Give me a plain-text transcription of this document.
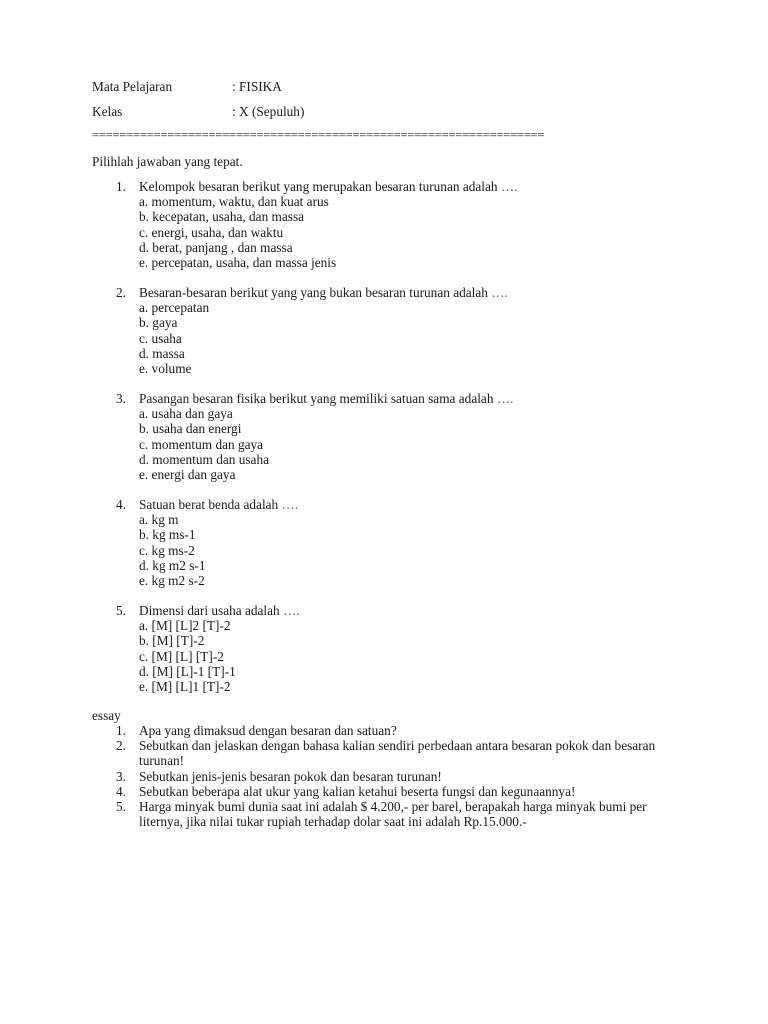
Mata Pelajaran	: FISIKA
Kelas	: X (Sepuluh)
==================================================================
Pilihlah jawaban yang tepat.
1. Kelompok besaran berikut yang merupakan besaran turunan adalah ….
a. momentum, waktu, dan kuat arus
b. kecepatan, usaha, dan massa
c. energi, usaha, dan waktu
d. berat, panjang , dan massa
e. percepatan, usaha, dan massa jenis
2. Besaran-besaran berikut yang yang bukan besaran turunan adalah ….
a. percepatan
b. gaya
c. usaha
d. massa
e. volume
3. Pasangan besaran fisika berikut yang memiliki satuan sama adalah ….
a. usaha dan gaya
b. usaha dan energi
c. momentum dan gaya
d. momentum dan usaha
e. energi dan gaya
4. Satuan berat benda adalah ….
a. kg m
b. kg ms-1
c. kg ms-2
d. kg m2 s-1
e. kg m2 s-2
5. Dimensi dari usaha adalah ….
a. [M] [L]2 [T]-2
b. [M] [T]-2
c. [M] [L] [T]-2
d. [M] [L]-1 [T]-1
e. [M] [L]1 [T]-2
essay
1. Apa yang dimaksud dengan besaran dan satuan?
2. Sebutkan dan jelaskan dengan bahasa kalian sendiri perbedaan antara besaran pokok dan besaran turunan!
3. Sebutkan jenis-jenis besaran pokok dan besaran turunan!
4. Sebutkan beberapa alat ukur yang kalian ketahui beserta fungsi dan kegunaannya!
5. Harga minyak bumi dunia saat ini adalah $ 4.200,- per barel, berapakah harga minyak bumi per liternya, jika nilai tukar rupiah terhadap dolar saat ini adalah Rp.15.000.-
